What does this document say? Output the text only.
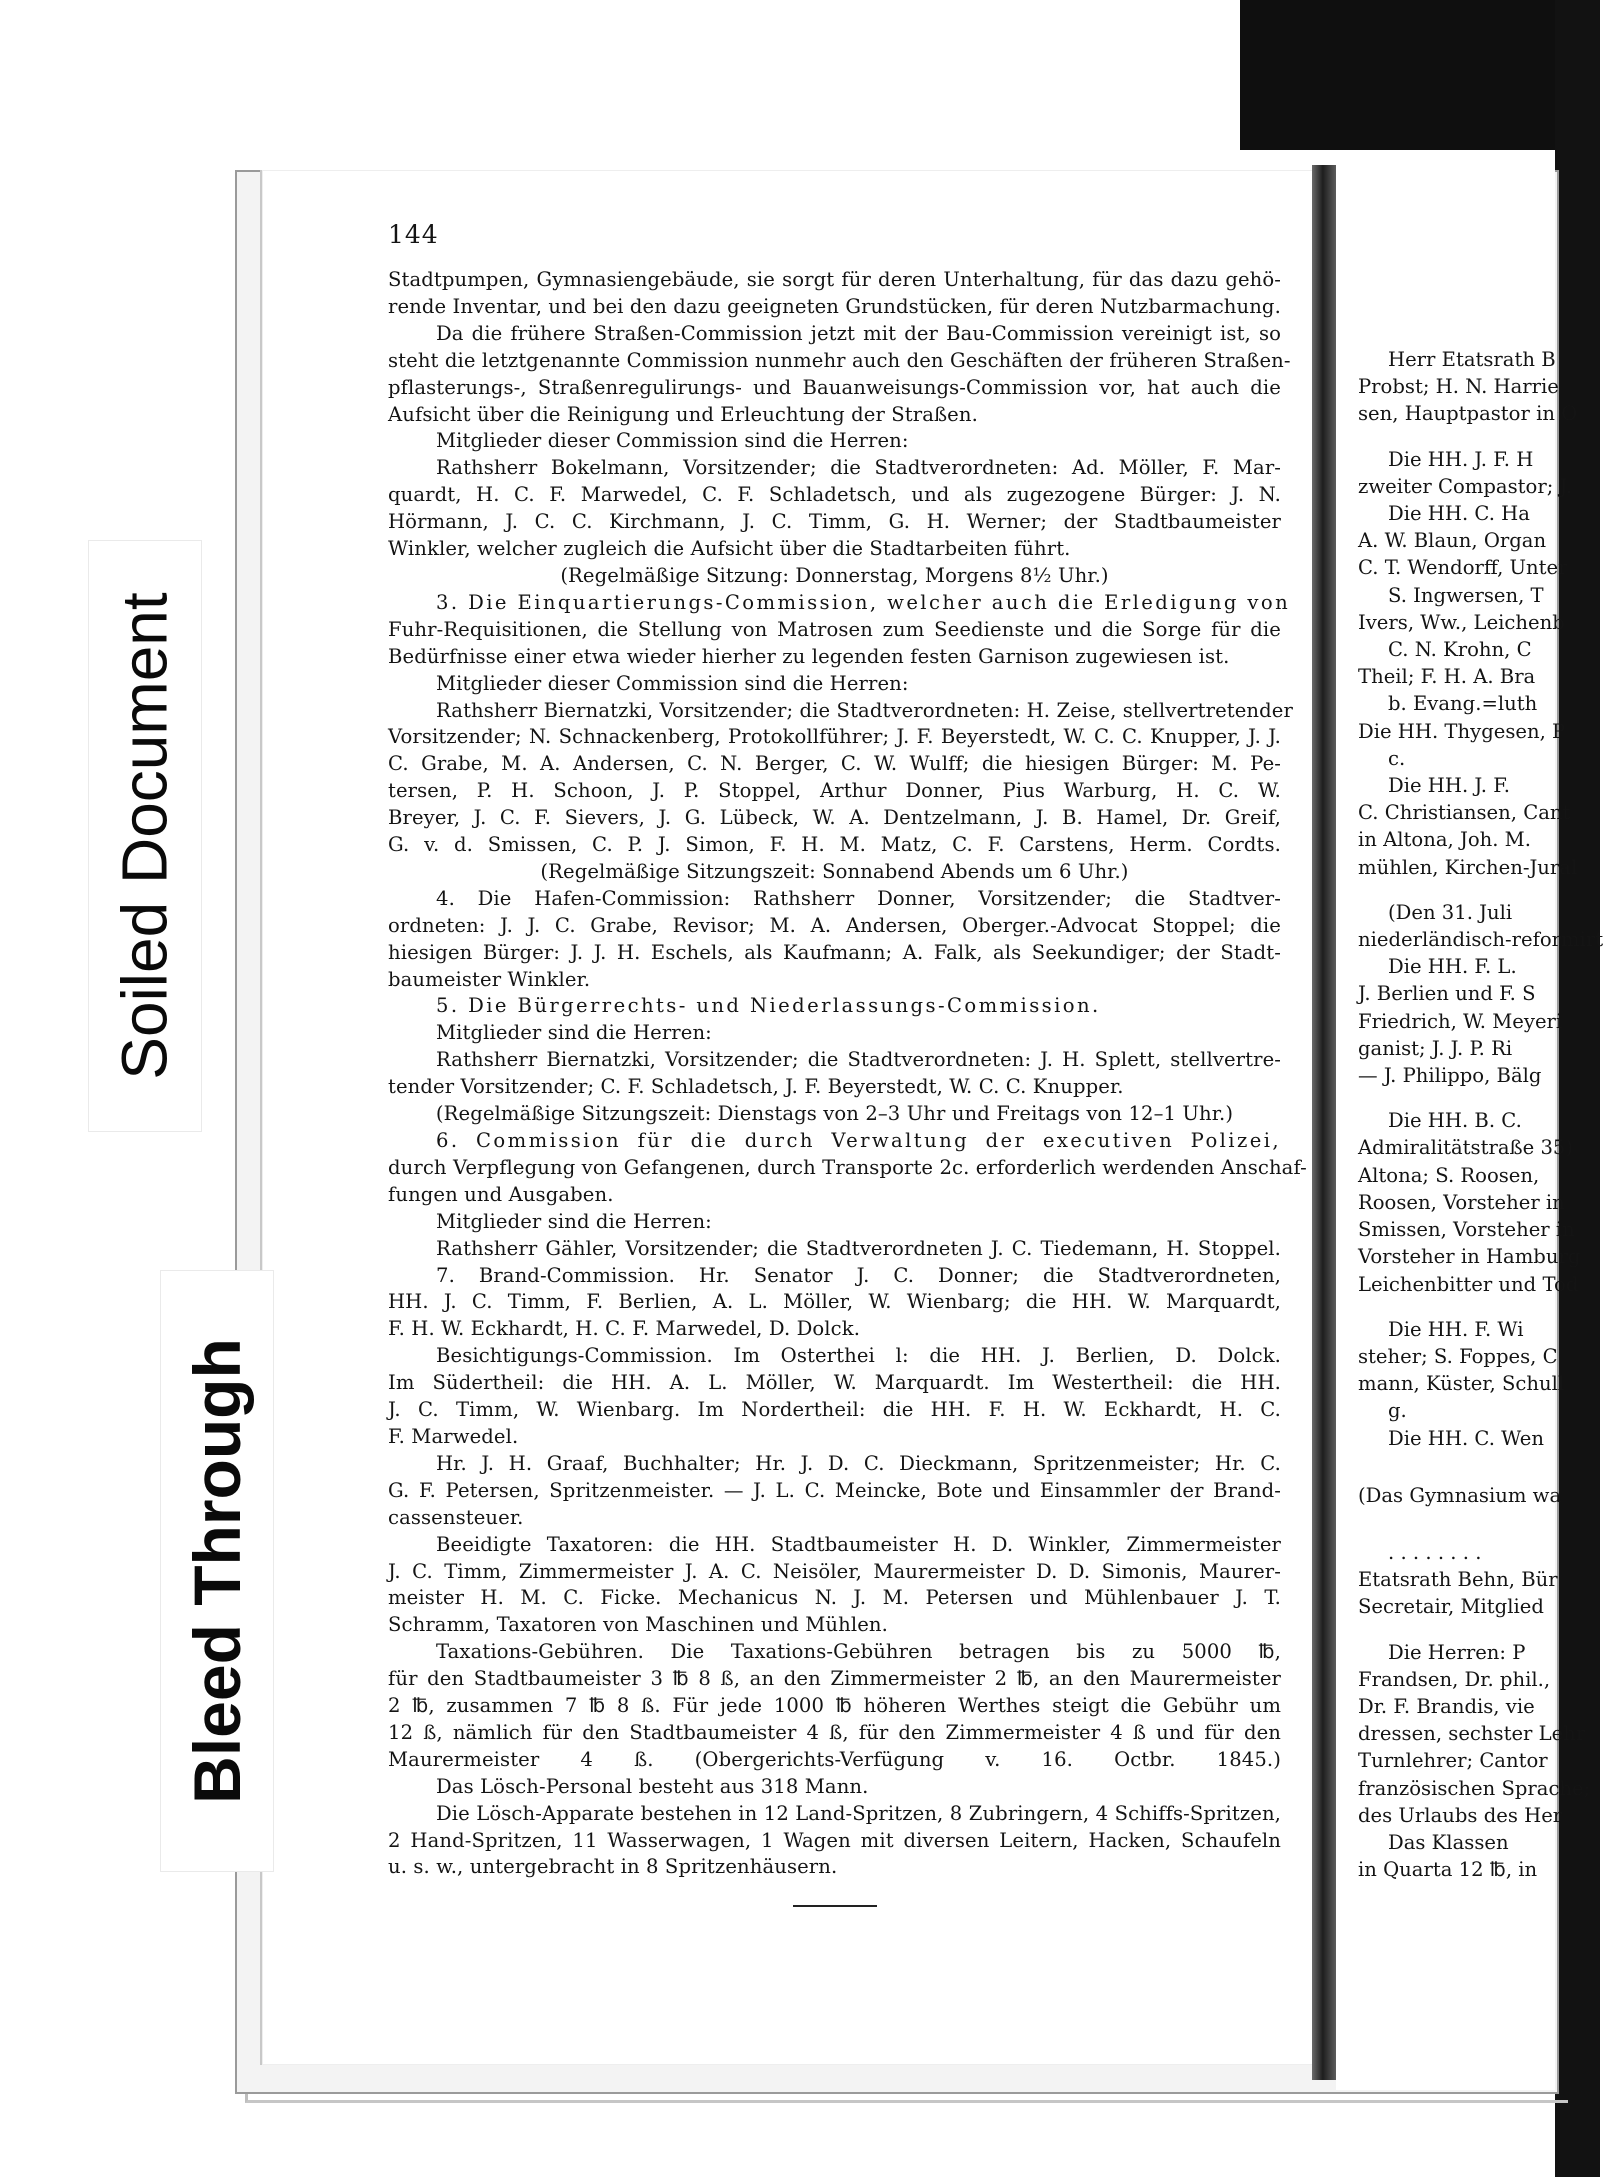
Herr Etatsrath B
Probst; H. N. Harrie
sen, Hauptpastor in O
Die HH. J. F. H
zweiter Compastor; J.
Die HH. C. Ha
A. W. Blaun, Organ
C. T. Wendorff, Unter
S. Ingwersen, T
Ivers, Ww., Leichenb
C. N. Krohn, C
Theil; F. H. A. Bra
b. Evang.=luth
Die HH. Thygesen, P
c.
Die HH. J. F.
C. Christiansen, Cant
in Altona, Joh. M.
mühlen, Kirchen-Jural
(Den 31. Juli
niederländisch-reformirt
Die HH. F. L.
J. Berlien und F. S
Friedrich, W. Meyeri
ganist; J. J. P. Ri
— J. Philippo, Bälg
Die HH. B. C.
Admiralitätstraße 35)
Altona; S. Roosen,
Roosen, Vorsteher in
Smissen, Vorsteher in
Vorsteher in Hamburg
Leichenbitter und Tod
Die HH. F. Wi
steher; S. Foppes, C
mann, Küster, Schull
g.
Die HH. C. Wen
(Das Gymnasium wa
. . . . . . . .
Etatsrath Behn, Bür
Secretair, Mitglied
Die Herren: P
Frandsen, Dr. phil.,
Dr. F. Brandis, vie
dressen, sechster Lehr
Turnlehrer; Cantor
französischen Sprache;
des Urlaubs des Her
Das Klassen
in Quarta 12 ℔, in
144
Stadtpumpen, Gymnasiengebäude, sie sorgt für deren Unterhaltung, für das dazu gehö-
rende Inventar, und bei den dazu geeigneten Grundstücken, für deren Nutzbarmachung.
Da die frühere Straßen-Commission jetzt mit der Bau-Commission vereinigt ist, so
steht die letztgenannte Commission nunmehr auch den Geschäften der früheren Straßen-
pflasterungs-, Straßenregulirungs- und Bauanweisungs-Commission vor, hat auch die
Aufsicht über die Reinigung und Erleuchtung der Straßen.
Mitglieder dieser Commission sind die Herren:
Rathsherr Bokelmann, Vorsitzender; die Stadtverordneten: Ad. Möller, F. Mar-
quardt, H. C. F. Marwedel, C. F. Schladetsch, und als zugezogene Bürger: J. N.
Hörmann, J. C. C. Kirchmann, J. C. Timm, G. H. Werner; der Stadtbaumeister
Winkler, welcher zugleich die Aufsicht über die Stadtarbeiten führt.
(Regelmäßige Sitzung: Donnerstag, Morgens 8½ Uhr.)
3. Die Einquartierungs-Commission, welcher auch die Erledigung von
Fuhr-Requisitionen, die Stellung von Matrosen zum Seedienste und die Sorge für die
Bedürfnisse einer etwa wieder hierher zu legenden festen Garnison zugewiesen ist.
Mitglieder dieser Commission sind die Herren:
Rathsherr Biernatzki, Vorsitzender; die Stadtverordneten: H. Zeise, stellvertretender
Vorsitzender; N. Schnackenberg, Protokollführer; J. F. Beyerstedt, W. C. C. Knupper, J. J.
C. Grabe, M. A. Andersen, C. N. Berger, C. W. Wulff; die hiesigen Bürger: M. Pe-
tersen, P. H. Schoon, J. P. Stoppel, Arthur Donner, Pius Warburg, H. C. W.
Breyer, J. C. F. Sievers, J. G. Lübeck, W. A. Dentzelmann, J. B. Hamel, Dr. Greif,
G. v. d. Smissen, C. P. J. Simon, F. H. M. Matz, C. F. Carstens, Herm. Cordts.
(Regelmäßige Sitzungszeit: Sonnabend Abends um 6 Uhr.)
4. Die Hafen-Commission: Rathsherr Donner, Vorsitzender; die Stadtver-
ordneten: J. J. C. Grabe, Revisor; M. A. Andersen, Oberger.-Advocat Stoppel; die
hiesigen Bürger: J. J. H. Eschels, als Kaufmann; A. Falk, als Seekundiger; der Stadt-
baumeister Winkler.
5. Die Bürgerrechts- und Niederlassungs-Commission.
Mitglieder sind die Herren:
Rathsherr Biernatzki, Vorsitzender; die Stadtverordneten: J. H. Splett, stellvertre-
tender Vorsitzender; C. F. Schladetsch, J. F. Beyerstedt, W. C. C. Knupper.
(Regelmäßige Sitzungszeit: Dienstags von 2–3 Uhr und Freitags von 12–1 Uhr.)
6. Commission für die durch Verwaltung der executiven Polizei,
durch Verpflegung von Gefangenen, durch Transporte 2c. erforderlich werdenden Anschaf-
fungen und Ausgaben.
Mitglieder sind die Herren:
Rathsherr Gähler, Vorsitzender; die Stadtverordneten J. C. Tiedemann, H. Stoppel.
7. Brand-Commission. Hr. Senator J. C. Donner; die Stadtverordneten,
HH. J. C. Timm, F. Berlien, A. L. Möller, W. Wienbarg; die HH. W. Marquardt,
F. H. W. Eckhardt, H. C. F. Marwedel, D. Dolck.
Besichtigungs-Commission. Im Osterthei l: die HH. J. Berlien, D. Dolck.
Im Südertheil: die HH. A. L. Möller, W. Marquardt. Im Westertheil: die HH.
J. C. Timm, W. Wienbarg. Im Nordertheil: die HH. F. H. W. Eckhardt, H. C.
F. Marwedel.
Hr. J. H. Graaf, Buchhalter; Hr. J. D. C. Dieckmann, Spritzenmeister; Hr. C.
G. F. Petersen, Spritzenmeister. — J. L. C. Meincke, Bote und Einsammler der Brand-
cassensteuer.
Beeidigte Taxatoren: die HH. Stadtbaumeister H. D. Winkler, Zimmermeister
J. C. Timm, Zimmermeister J. A. C. Neisöler, Maurermeister D. D. Simonis, Maurer-
meister H. M. C. Ficke. Mechanicus N. J. M. Petersen und Mühlenbauer J. T.
Schramm, Taxatoren von Maschinen und Mühlen.
Taxations-Gebühren. Die Taxations-Gebühren betragen bis zu 5000 ℔,
für den Stadtbaumeister 3 ℔ 8 ß, an den Zimmermeister 2 ℔, an den Maurermeister
2 ℔, zusammen 7 ℔ 8 ß. Für jede 1000 ℔ höheren Werthes steigt die Gebühr um
12 ß, nämlich für den Stadtbaumeister 4 ß, für den Zimmermeister 4 ß und für den
Maurermeister 4 ß. (Obergerichts-Verfügung v. 16. Octbr. 1845.)
Das Lösch-Personal besteht aus 318 Mann.
Die Lösch-Apparate bestehen in 12 Land-Spritzen, 8 Zubringern, 4 Schiffs-Spritzen,
2 Hand-Spritzen, 11 Wasserwagen, 1 Wagen mit diversen Leitern, Hacken, Schaufeln
u. s. w., untergebracht in 8 Spritzenhäusern.
Soiled Document
Bleed Through
